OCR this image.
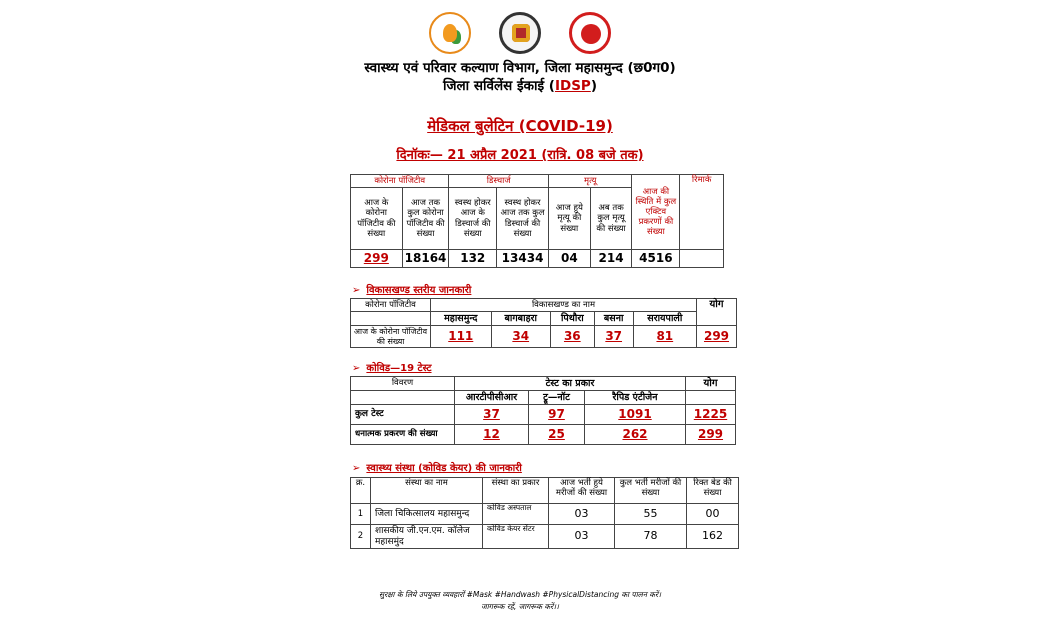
स्वास्थ्य एवं परिवार कल्याण विभाग, जिला महासमुन्द (छ0ग0)
जिला सर्विलेंस ईकाई (IDSP)
मेडिकल बुलेटिन (COVID-19)
दिनॉकः— 21 अप्रैल 2021 (रात्रि. 08 बजे तक)
कोरोना पॉजिटीव		डिस्चार्ज		मृत्यू		आज की स्थिति में कुल एक्टिव प्रकरणों की संख्या	रिमार्क
आज के कोरोना पॉजिटीव की संख्या	आज तक कुल कोरोना पॉजिटीव की संख्या	स्वस्थ होकर आज के डिस्चार्ज की संख्या	स्वस्थ होकर आज तक कुल डिस्चार्ज की संख्या	आज हुये मृत्यू की संख्या	अब तक कुल मृत्यू की संख्या		
299	18164	132	13434	04	214	4516	
➢ विकासखण्ड स्तरीय जानकारी
कोरोना पॉजिटीव	विकासखण्ड का नाम					योग
	महासमुन्द	बागबाहरा	पिथौरा	बसना	सरायपाली	
आज के कोरोना पॉजिटीव की संख्या	111	34	36	37	81	299
➢ कोविड—19 टेस्ट
विवरण	टेस्ट का प्रकार			योग
	आरटीपीसीआर	ट्रू—नॉट	रैपिड एंटीजेन	
कुल टेस्ट	37	97	1091	1225
धनात्मक प्रकरण की संख्या	12	25	262	299
➢ स्वास्थ्य संस्था (कोविड केयर) की जानकारी
क्र.	संस्था का नाम	संस्था का प्रकार	आज भर्ती हुये मरीजों की संख्या	कुल भर्ती मरीजों की संख्या	रिक्त बेड की संख्या
1	जिला चिकित्सालय महासमुन्द	कोविड अस्पताल	03	55	00
2	शासकीय जी.एन.एम. कॉलेज महासमुंद	कोविड केयर सेंटर	03	78	162
सुरक्षा के लिये उपयुक्त व्यवहारों #Mask #Handwash #PhysicalDistancing का पालन करें।
जागरूक रहें, जागरूक करें।।
